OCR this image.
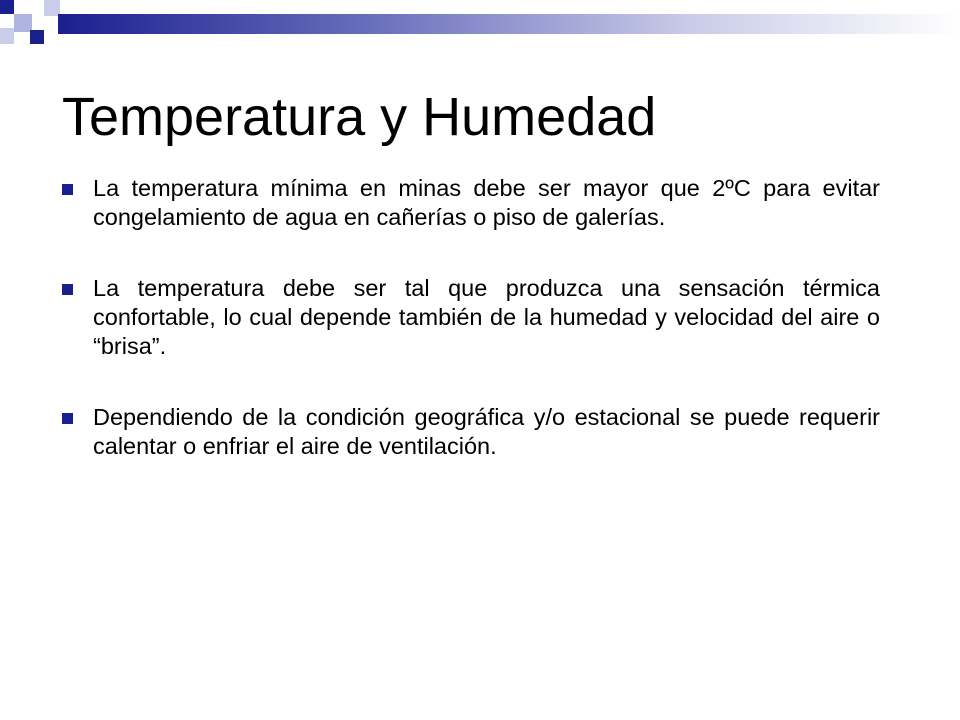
Temperatura y Humedad
La temperatura mínima en minas debe ser mayor que 2ºC para evitar congelamiento de agua en cañerías o piso de galerías.
La temperatura debe ser tal que produzca una sensación térmica confortable, lo cual depende también de la humedad y velocidad del aire o “brisa”.
Dependiendo de la condición geográfica y/o estacional se puede requerir calentar o enfriar el aire de ventilación.
